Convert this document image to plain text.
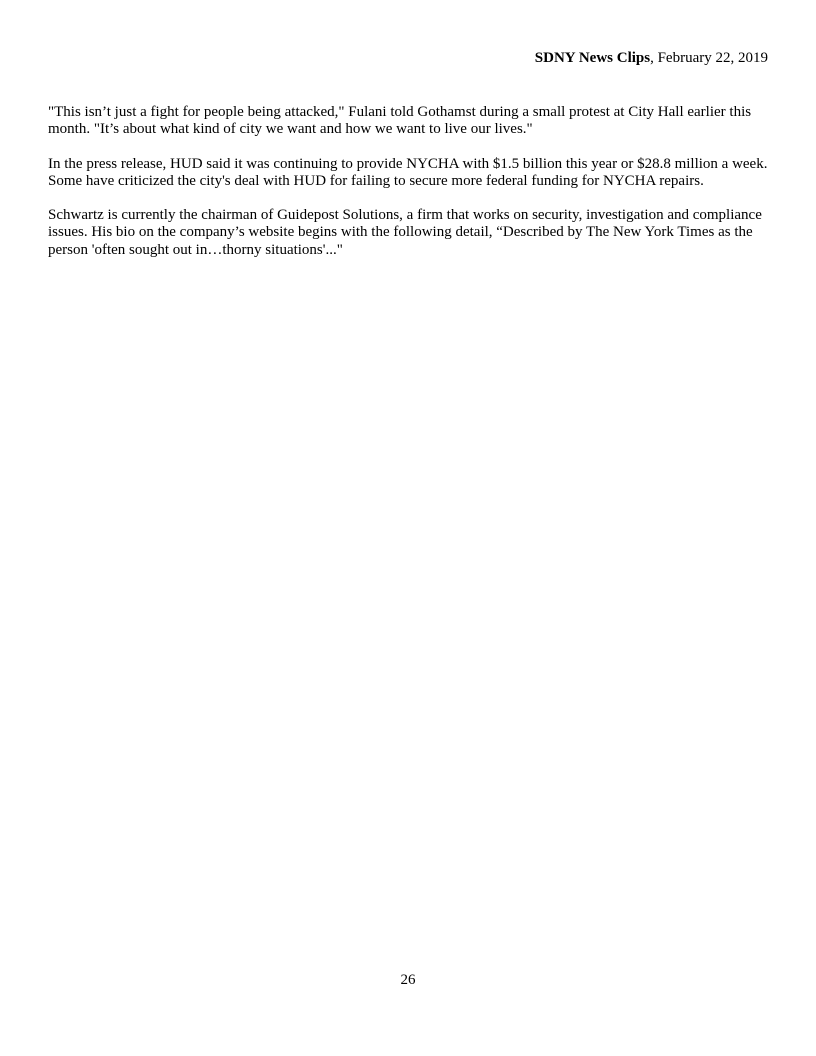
SDNY News Clips, February 22, 2019

"This isn’t just a fight for people being attacked," Fulani told Gothamst during a small protest at City Hall earlier this month. "It’s about what kind of city we want and how we want to live our lives."

In the press release, HUD said it was continuing to provide NYCHA with $1.5 billion this year or $28.8 million a week. Some have criticized the city's deal with HUD for failing to secure more federal funding for NYCHA repairs.

Schwartz is currently the chairman of Guidepost Solutions, a firm that works on security, investigation and compliance issues. His bio on the company’s website begins with the following detail, “Described by The New York Times as the person 'often sought out in…thorny situations'..."

26
